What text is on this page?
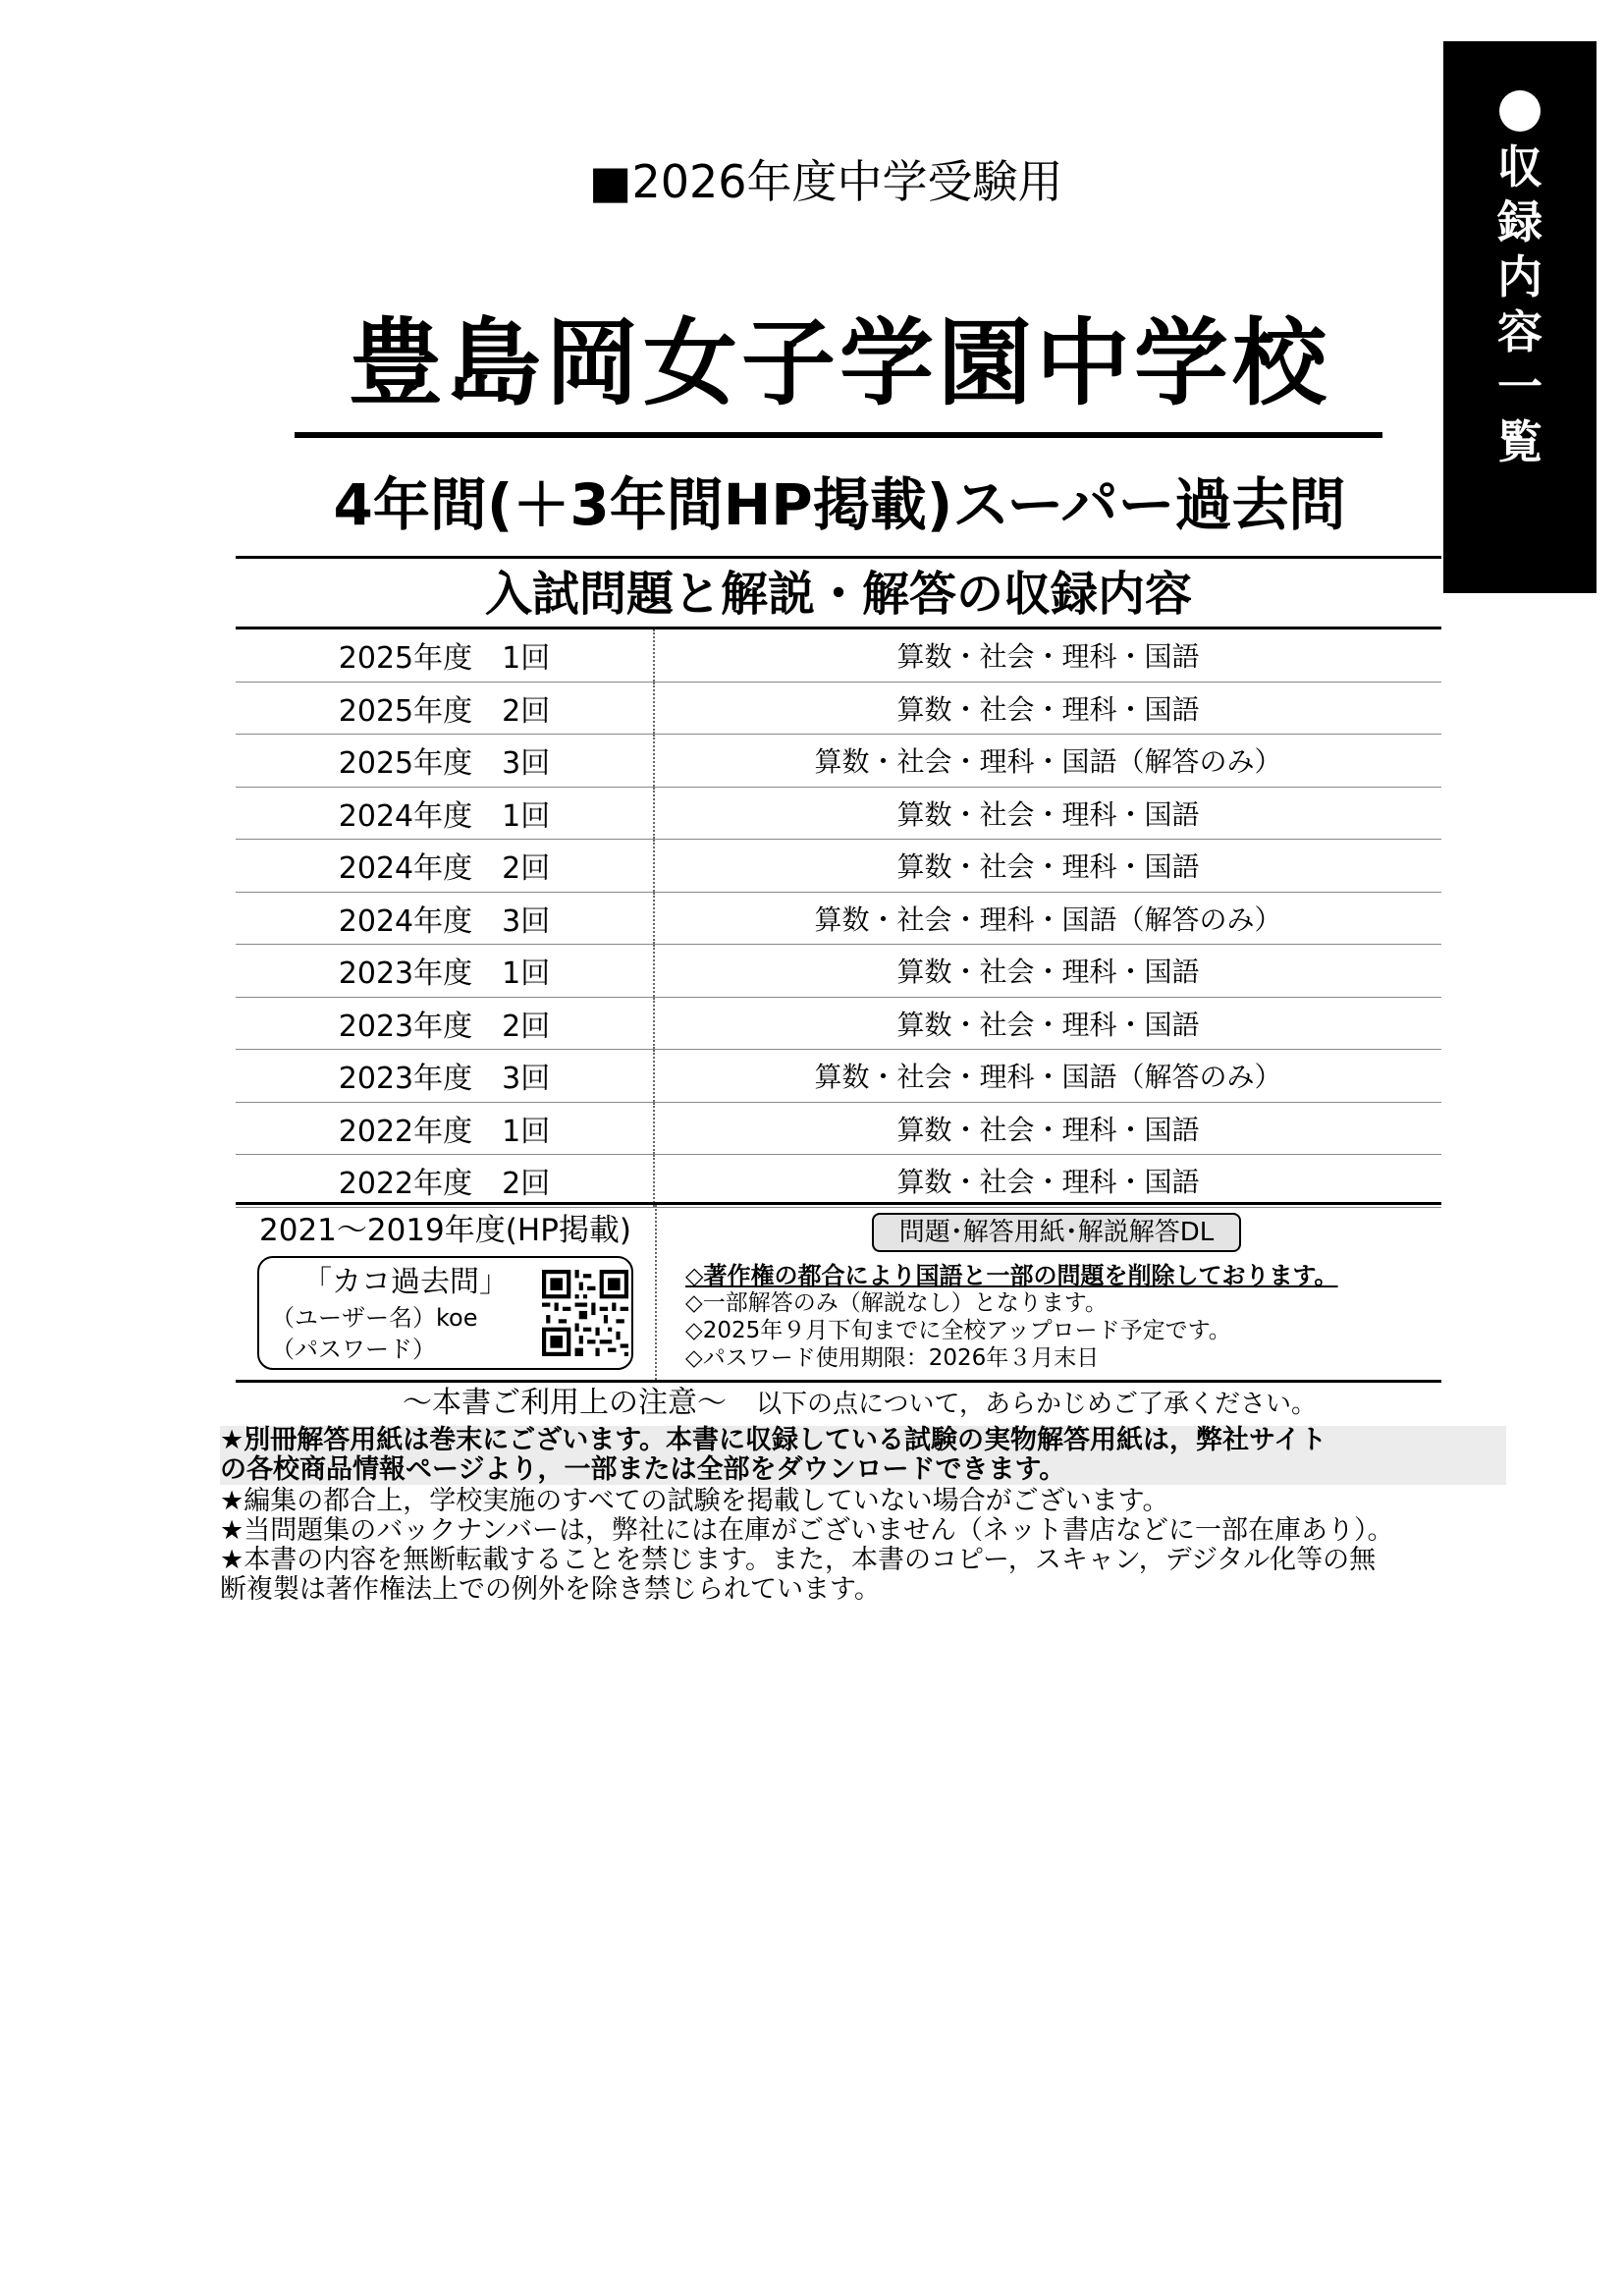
収
録
内
容
一
覧
■2026年度中学受験用
豊島岡女子学園中学校
4年間(＋3年間HP掲載)スーパー過去問
入試問題と解説・解答の収録内容
2025年度　1回	算数・社会・理科・国語
2025年度　2回	算数・社会・理科・国語
2025年度　3回	算数・社会・理科・国語（解答のみ）
2024年度　1回	算数・社会・理科・国語
2024年度　2回	算数・社会・理科・国語
2024年度　3回	算数・社会・理科・国語（解答のみ）
2023年度　1回	算数・社会・理科・国語
2023年度　2回	算数・社会・理科・国語
2023年度　3回	算数・社会・理科・国語（解答のみ）
2022年度　1回	算数・社会・理科・国語
2022年度　2回	算数・社会・理科・国語
2021〜2019年度(HP掲載)
「カコ過去問」
（ユーザー名）koe
（パスワード）
問題･解答用紙･解説解答DL
◇著作権の都合により国語と一部の問題を削除しております。
◇一部解答のみ（解説なし）となります。
◇2025年９月下旬までに全校アップロード予定です。
◇パスワード使用期限：2026年３月末日
〜本書ご利用上の注意〜 以下の点について，あらかじめご了承ください。
★別冊解答用紙は巻末にございます。本書に収録している試験の実物解答用紙は，弊社サイト
の各校商品情報ページより，一部または全部をダウンロードできます。
★編集の都合上，学校実施のすべての試験を掲載していない場合がございます。
★当問題集のバックナンバーは，弊社には在庫がございません（ネット書店などに一部在庫あり）。
★本書の内容を無断転載することを禁じます。また，本書のコピー，スキャン，デジタル化等の無
断複製は著作権法上での例外を除き禁じられています。
